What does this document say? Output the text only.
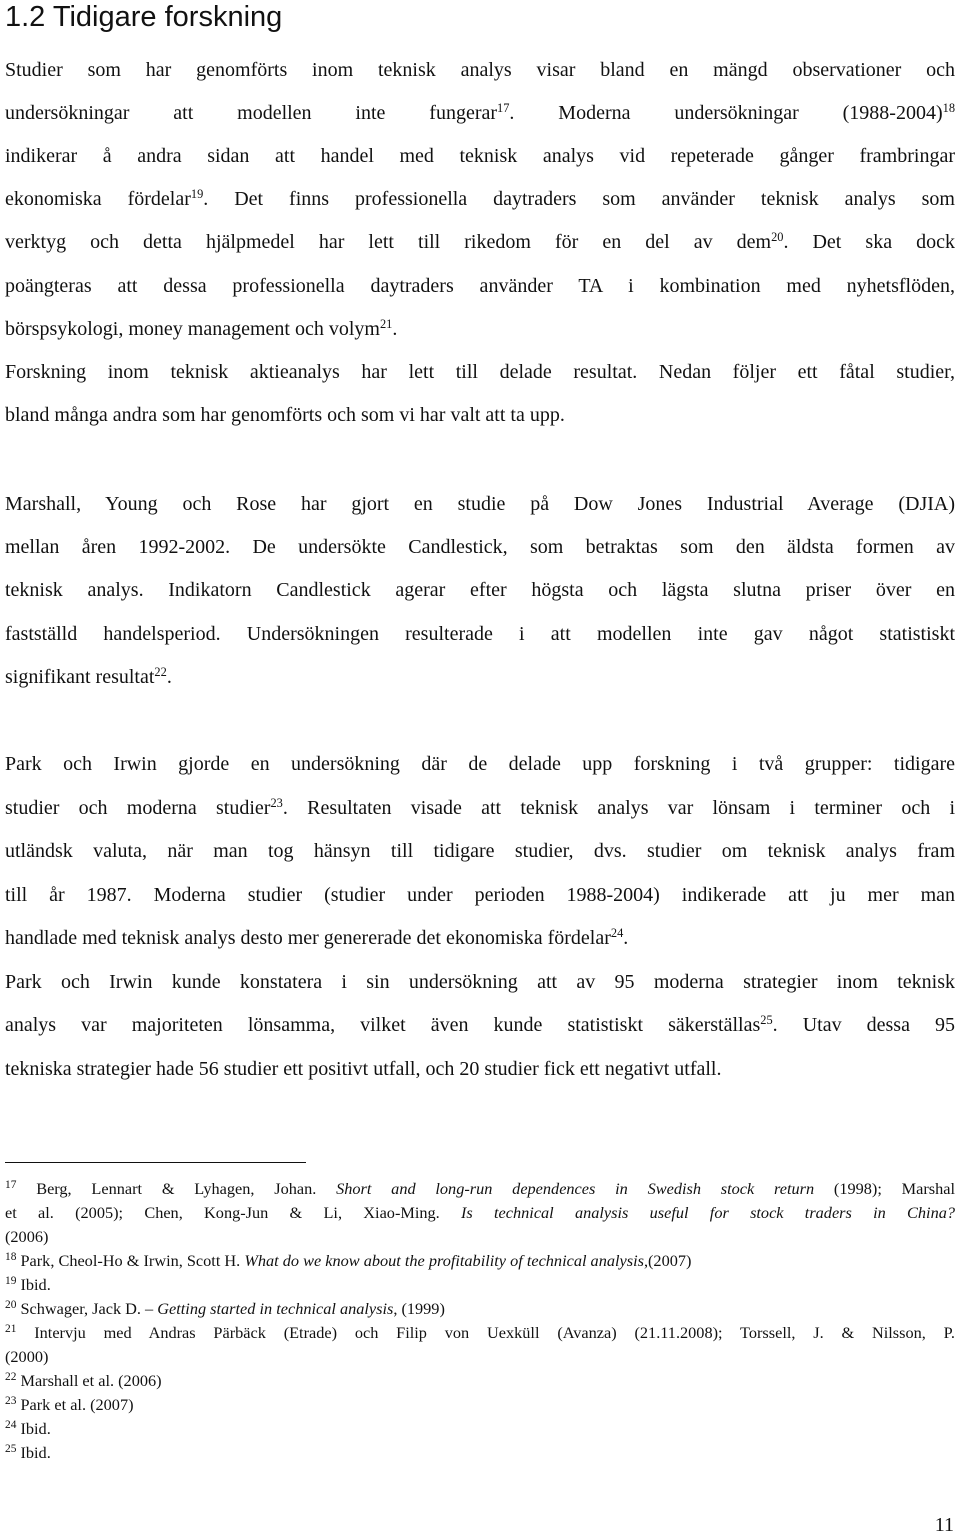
1.2 Tidigare forskning
Studier som har genomförts inom teknisk analys visar bland en mängd observationer och
undersökningar att modellen inte fungerar$^{17}$. Moderna undersökningar (1988-2004)$^{18}$
indikerar å andra sidan att handel med teknisk analys vid repeterade gånger frambringar
ekonomiska fördelar$^{19}$. Det finns professionella daytraders som använder teknisk analys som
verktyg och detta hjälpmedel har lett till rikedom för en del av dem$^{20}$. Det ska dock
poängteras att dessa professionella daytraders använder TA i kombination med nyhetsflöden,
börspsykologi, money management och volym$^{21}$.
Forskning inom teknisk aktieanalys har lett till delade resultat. Nedan följer ett fåtal studier,
bland många andra som har genomförts och som vi har valt att ta upp.
Marshall, Young och Rose har gjort en studie på Dow Jones Industrial Average (DJIA)
mellan åren 1992-2002. De undersökte Candlestick, som betraktas som den äldsta formen av
teknisk analys. Indikatorn Candlestick agerar efter högsta och lägsta slutna priser över en
fastställd handelsperiod. Undersökningen resulterade i att modellen inte gav något statistiskt
signifikant resultat$^{22}$.
Park och Irwin gjorde en undersökning där de delade upp forskning i två grupper: tidigare
studier och moderna studier$^{23}$. Resultaten visade att teknisk analys var lönsam i terminer och i
utländsk valuta, när man tog hänsyn till tidigare studier, dvs. studier om teknisk analys fram
till år 1987. Moderna studier (studier under perioden 1988-2004) indikerade att ju mer man
handlade med teknisk analys desto mer genererade det ekonomiska fördelar$^{24}$.
Park och Irwin kunde konstatera i sin undersökning att av 95 moderna strategier inom teknisk
analys var majoriteten lönsamma, vilket även kunde statistiskt säkerställas$^{25}$. Utav dessa 95
tekniska strategier hade 56 studier ett positivt utfall, och 20 studier fick ett negativt utfall.
$^{17}$ Berg, Lennart & Lyhagen, Johan. Short and long-run dependences in Swedish stock return (1998); Marshal
et al. (2005); Chen, Kong-Jun & Li, Xiao-Ming. Is technical analysis useful for stock traders in China?
(2006)
$^{18}$ Park, Cheol-Ho & Irwin, Scott H. What do we know about the profitability of technical analysis,(2007)
$^{19}$ Ibid.
$^{20}$ Schwager, Jack D. – Getting started in technical analysis, (1999)
$^{21}$ Intervju med Andras Pärbäck (Etrade) och Filip von Uexküll (Avanza) (21.11.2008); Torssell, J. & Nilsson, P.
(2000)
$^{22}$ Marshall et al. (2006)
$^{23}$ Park et al. (2007)
$^{24}$ Ibid.
$^{25}$ Ibid.
11
